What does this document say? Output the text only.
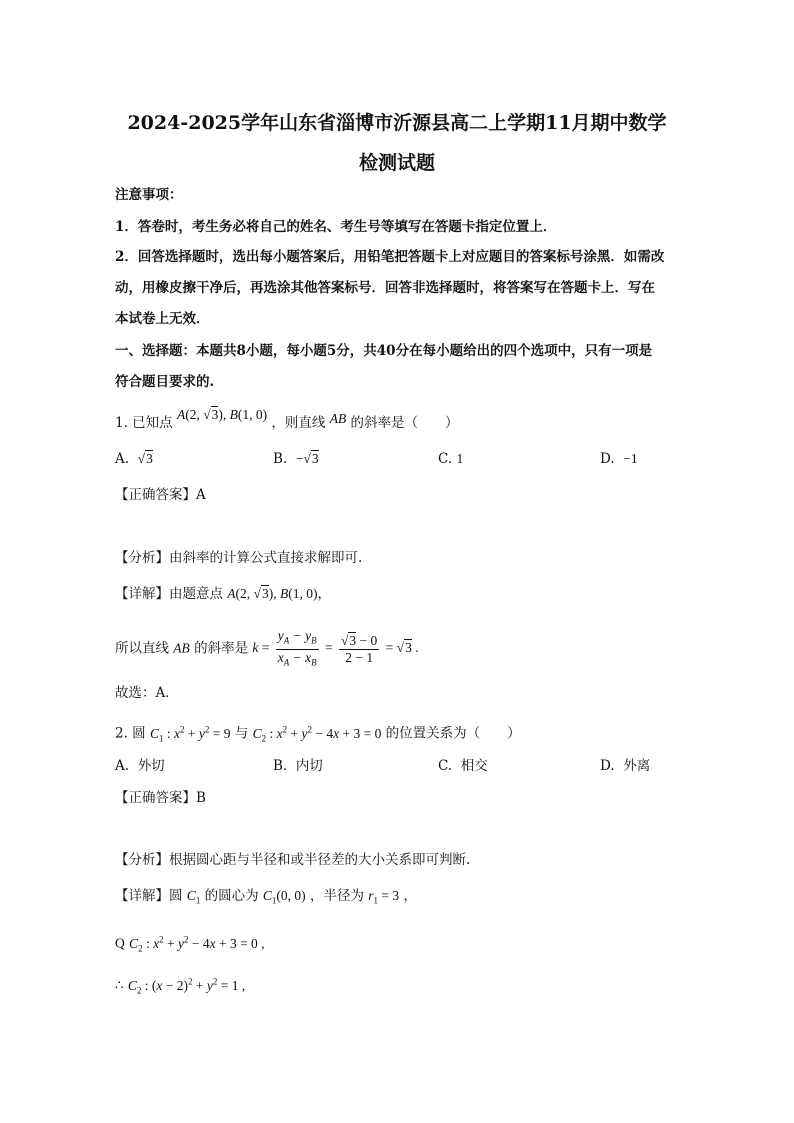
2024-2025学年山东省淄博市沂源县高二上学期11月期中数学
检测试题
注意事项：
1．答卷时，考生务必将自己的姓名、考生号等填写在答题卡指定位置上．
2．回答选择题时，选出每小题答案后，用铅笔把答题卡上对应题目的答案标号涂黑．如需改
动，用橡皮擦干净后，再选涂其他答案标号．回答非选择题时，将答案写在答题卡上．写在
本试卷上无效．
一、选择题：本题共8小题，每小题5分，共40分在每小题给出的四个选项中，只有一项是
符合题目要求的.
1. 已知点 A(2, √3), B(1, 0) ，则直线 AB 的斜率是（　　）
A. √3	B. −√3	C. 1	D. −1
【正确答案】A
【分析】由斜率的计算公式直接求解即可.
【详解】由题意点 A(2, √3), B(1, 0)，
所以直线 AB 的斜率是 $k = \frac{y_A - y_B}{x_A - x_B} = \frac{√3 - 0}{2 - 1} = √3$ .
故选：A．
2. 圆 $C_1$ : $x^2 + y^2 = 9$ 与 $C_2$ : $x^2 + y^2 - 4x + 3 = 0$ 的位置关系为（　　）
A. 外切	B. 内切	C. 相交	D. 外离
【正确答案】B
【分析】根据圆心距与半径和或半径差的大小关系即可判断.
【详解】圆 $C_1$ 的圆心为 $C_1(0$, 0) ，半径为 $r_1 = 3$ ，
Q $C_2$ : $x^2 + y^2 - 4x + 3 = 0$ ,
∴ $C_2$ : $(x - 2)^2 + y^2 = 1$ ,
